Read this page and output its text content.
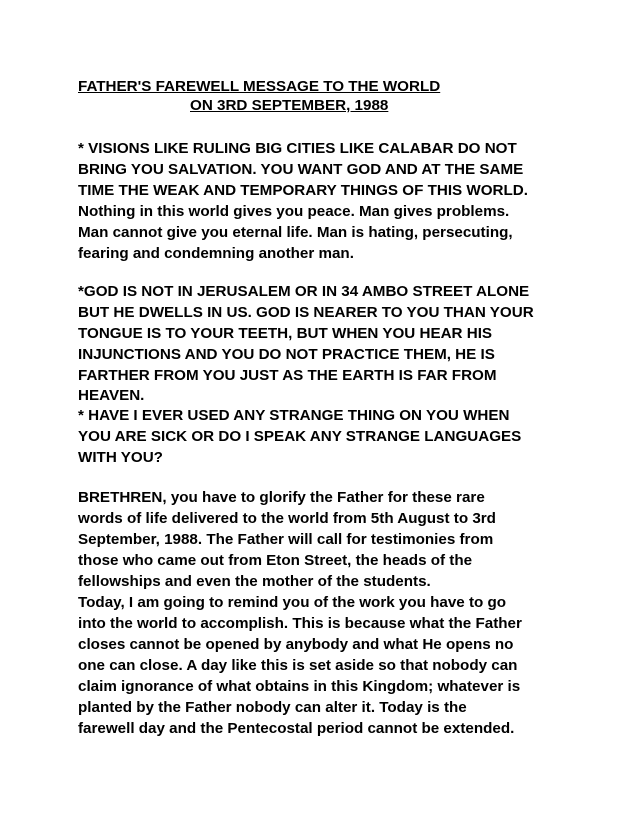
FATHER'S FAREWELL MESSAGE TO THE WORLD
ON 3RD SEPTEMBER, 1988
* VISIONS LIKE RULING BIG CITIES LIKE CALABAR DO NOT
BRING YOU SALVATION. YOU WANT GOD AND AT THE SAME
TIME THE WEAK AND TEMPORARY THINGS OF THIS WORLD.
Nothing in this world gives you peace. Man gives problems.
Man cannot give you eternal life. Man is hating, persecuting,
fearing and condemning another man.
*GOD IS NOT IN JERUSALEM OR IN 34 AMBO STREET ALONE
BUT HE DWELLS IN US. GOD IS NEARER TO YOU THAN YOUR
TONGUE IS TO YOUR TEETH, BUT WHEN YOU HEAR HIS
INJUNCTIONS AND YOU DO NOT PRACTICE THEM, HE IS
FARTHER FROM YOU JUST AS THE EARTH IS FAR FROM
HEAVEN.
* HAVE I EVER USED ANY STRANGE THING ON YOU WHEN
YOU ARE SICK OR DO I SPEAK ANY STRANGE LANGUAGES
WITH YOU?
BRETHREN, you have to glorify the Father for these rare
words of life delivered to the world from 5th August to 3rd
September, 1988. The Father will call for testimonies from
those who came out from Eton Street, the heads of the
fellowships and even the mother of the students.
Today, I am going to remind you of the work you have to go
into the world to accomplish. This is because what the Father
closes cannot be opened by anybody and what He opens no
one can close. A day like this is set aside so that nobody can
claim ignorance of what obtains in this Kingdom; whatever is
planted by the Father nobody can alter it. Today is the
farewell day and the Pentecostal period cannot be extended.
